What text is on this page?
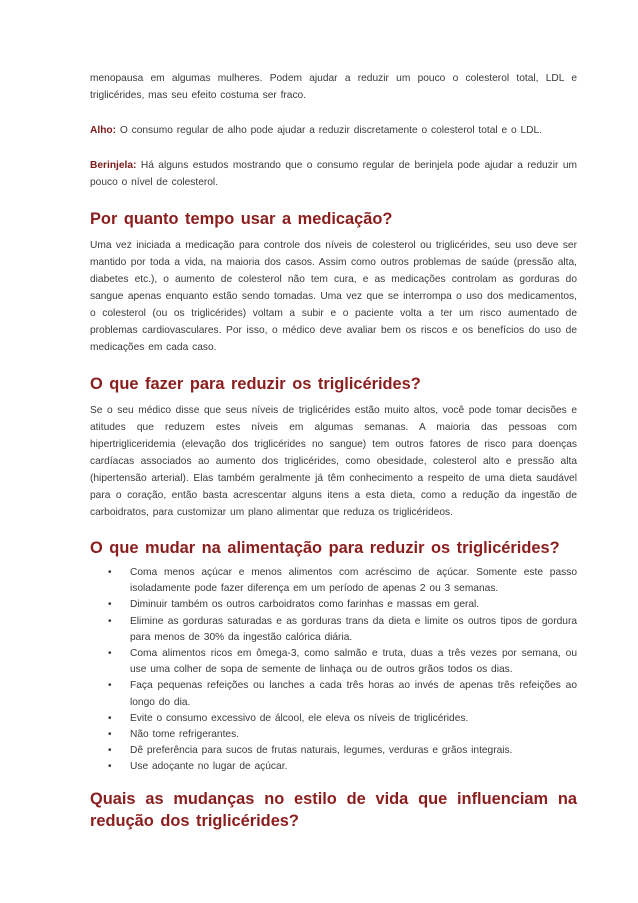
menopausa em algumas mulheres. Podem ajudar a reduzir um pouco o colesterol total, LDL e triglicérides, mas seu efeito costuma ser fraco.

Alho: O consumo regular de alho pode ajudar a reduzir discretamente o colesterol total e o LDL.

Berinjela: Há alguns estudos mostrando que o consumo regular de berinjela pode ajudar a reduzir um pouco o nível de colesterol.

Por quanto tempo usar a medicação?

Uma vez iniciada a medicação para controle dos níveis de colesterol ou triglicérides, seu uso deve ser mantido por toda a vida, na maioria dos casos. Assim como outros problemas de saúde (pressão alta, diabetes etc.), o aumento de colesterol não tem cura, e as medicações controlam as gorduras do sangue apenas enquanto estão sendo tomadas. Uma vez que se interrompa o uso dos medicamentos, o colesterol (ou os triglicérides) voltam a subir e o paciente volta a ter um risco aumentado de problemas cardiovasculares. Por isso, o médico deve avaliar bem os riscos e os benefícios do uso de medicações em cada caso.

O que fazer para reduzir os triglicérides?

Se o seu médico disse que seus níveis de triglicérides estão muito altos, você pode tomar decisões e atitudes que reduzem estes níveis em algumas semanas. A maioria das pessoas com hipertrigliceridemia (elevação dos triglicérides no sangue) tem outros fatores de risco para doenças cardíacas associados ao aumento dos triglicérides, como obesidade, colesterol alto e pressão alta (hipertensão arterial). Elas também geralmente já têm conhecimento a respeito de uma dieta saudável para o coração, então basta acrescentar alguns itens a esta dieta, como a redução da ingestão de carboidratos, para customizar um plano alimentar que reduza os triglicérideos.

O que mudar na alimentação para reduzir os triglicérides?
• Coma menos açúcar e menos alimentos com acréscimo de açúcar. Somente este passo isoladamente pode fazer diferença em um período de apenas 2 ou 3 semanas.
• Diminuir também os outros carboidratos como farinhas e massas em geral.
• Elimine as gorduras saturadas e as gorduras trans da dieta e limite os outros tipos de gordura para menos de 30% da ingestão calórica diária.
• Coma alimentos ricos em ômega-3, como salmão e truta, duas a três vezes por semana, ou use uma colher de sopa de semente de linhaça ou de outros grãos todos os dias.
• Faça pequenas refeições ou lanches a cada três horas ao invés de apenas três refeições ao longo do dia.
• Evite o consumo excessivo de álcool, ele eleva os níveis de triglicérides.
• Não tome refrigerantes.
• Dê preferência para sucos de frutas naturais, legumes, verduras e grãos integrais.
• Use adoçante no lugar de açúcar.
Quais as mudanças no estilo de vida que influenciam na redução dos triglicérides?
